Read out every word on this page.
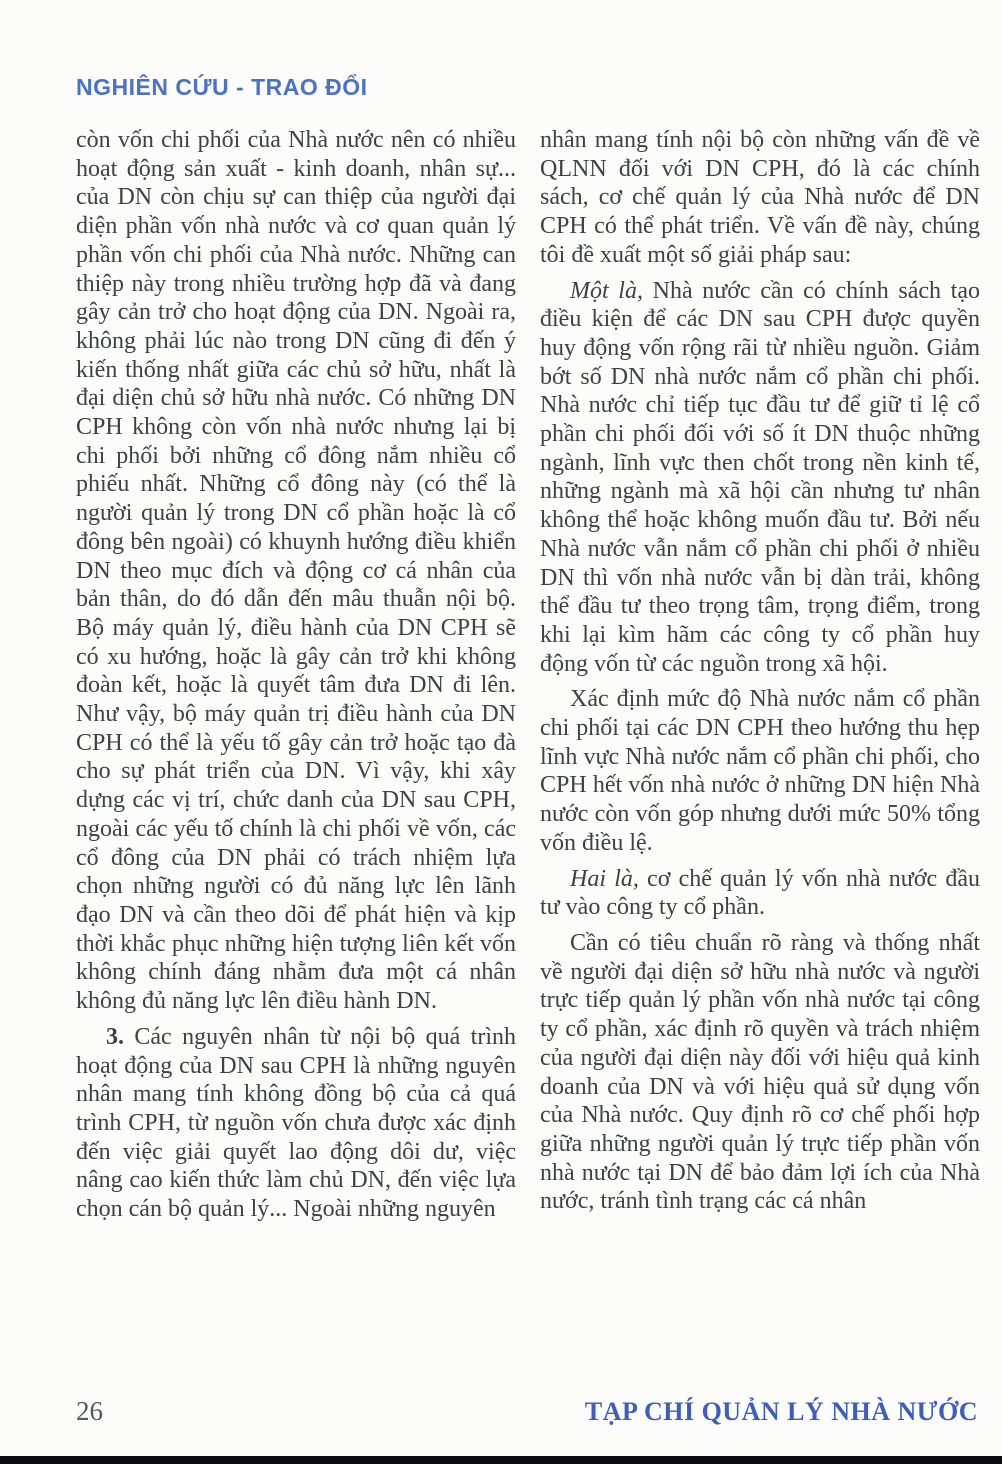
NGHIÊN CỨU - TRAO ĐỔI

còn vốn chi phối của Nhà nước nên có nhiều hoạt động sản xuất - kinh doanh, nhân sự... của DN còn chịu sự can thiệp của người đại diện phần vốn nhà nước và cơ quan quản lý phần vốn chi phối của Nhà nước. Những can thiệp này trong nhiều trường hợp đã và đang gây cản trở cho hoạt động của DN. Ngoài ra, không phải lúc nào trong DN cũng đi đến ý kiến thống nhất giữa các chủ sở hữu, nhất là đại diện chủ sở hữu nhà nước. Có những DN CPH không còn vốn nhà nước nhưng lại bị chi phối bởi những cổ đông nắm nhiều cổ phiếu nhất. Những cổ đông này (có thể là người quản lý trong DN cổ phần hoặc là cổ đông bên ngoài) có khuynh hướng điều khiển DN theo mục đích và động cơ cá nhân của bản thân, do đó dẫn đến mâu thuẫn nội bộ. Bộ máy quản lý, điều hành của DN CPH sẽ có xu hướng, hoặc là gây cản trở khi không đoàn kết, hoặc là quyết tâm đưa DN đi lên. Như vậy, bộ máy quản trị điều hành của DN CPH có thể là yếu tố gây cản trở hoặc tạo đà cho sự phát triển của DN. Vì vậy, khi xây dựng các vị trí, chức danh của DN sau CPH, ngoài các yếu tố chính là chi phối về vốn, các cổ đông của DN phải có trách nhiệm lựa chọn những người có đủ năng lực lên lãnh đạo DN và cần theo dõi để phát hiện và kịp thời khắc phục những hiện tượng liên kết vốn không chính đáng nhằm đưa một cá nhân không đủ năng lực lên điều hành DN.

3. Các nguyên nhân từ nội bộ quá trình hoạt động của DN sau CPH là những nguyên nhân mang tính không đồng bộ của cả quá trình CPH, từ nguồn vốn chưa được xác định đến việc giải quyết lao động dôi dư, việc nâng cao kiến thức làm chủ DN, đến việc lựa chọn cán bộ quản lý... Ngoài những nguyên

nhân mang tính nội bộ còn những vấn đề về QLNN đối với DN CPH, đó là các chính sách, cơ chế quản lý của Nhà nước để DN CPH có thể phát triển. Về vấn đề này, chúng tôi đề xuất một số giải pháp sau:

Một là, Nhà nước cần có chính sách tạo điều kiện để các DN sau CPH được quyền huy động vốn rộng rãi từ nhiều nguồn. Giảm bớt số DN nhà nước nắm cổ phần chi phối. Nhà nước chỉ tiếp tục đầu tư để giữ tỉ lệ cổ phần chi phối đối với số ít DN thuộc những ngành, lĩnh vực then chốt trong nền kinh tế, những ngành mà xã hội cần nhưng tư nhân không thể hoặc không muốn đầu tư. Bởi nếu Nhà nước vẫn nắm cổ phần chi phối ở nhiều DN thì vốn nhà nước vẫn bị dàn trải, không thể đầu tư theo trọng tâm, trọng điểm, trong khi lại kìm hãm các công ty cổ phần huy động vốn từ các nguồn trong xã hội.

Xác định mức độ Nhà nước nắm cổ phần chi phối tại các DN CPH theo hướng thu hẹp lĩnh vực Nhà nước nắm cổ phần chi phối, cho CPH hết vốn nhà nước ở những DN hiện Nhà nước còn vốn góp nhưng dưới mức 50% tổng vốn điều lệ.

Hai là, cơ chế quản lý vốn nhà nước đầu tư vào công ty cổ phần.

Cần có tiêu chuẩn rõ ràng và thống nhất về người đại diện sở hữu nhà nước và người trực tiếp quản lý phần vốn nhà nước tại công ty cổ phần, xác định rõ quyền và trách nhiệm của người đại diện này đối với hiệu quả kinh doanh của DN và với hiệu quả sử dụng vốn của Nhà nước. Quy định rõ cơ chế phối hợp giữa những người quản lý trực tiếp phần vốn nhà nước tại DN để bảo đảm lợi ích của Nhà nước, tránh tình trạng các cá nhân

26	TẠP CHÍ QUẢN LÝ NHÀ NƯỚC
